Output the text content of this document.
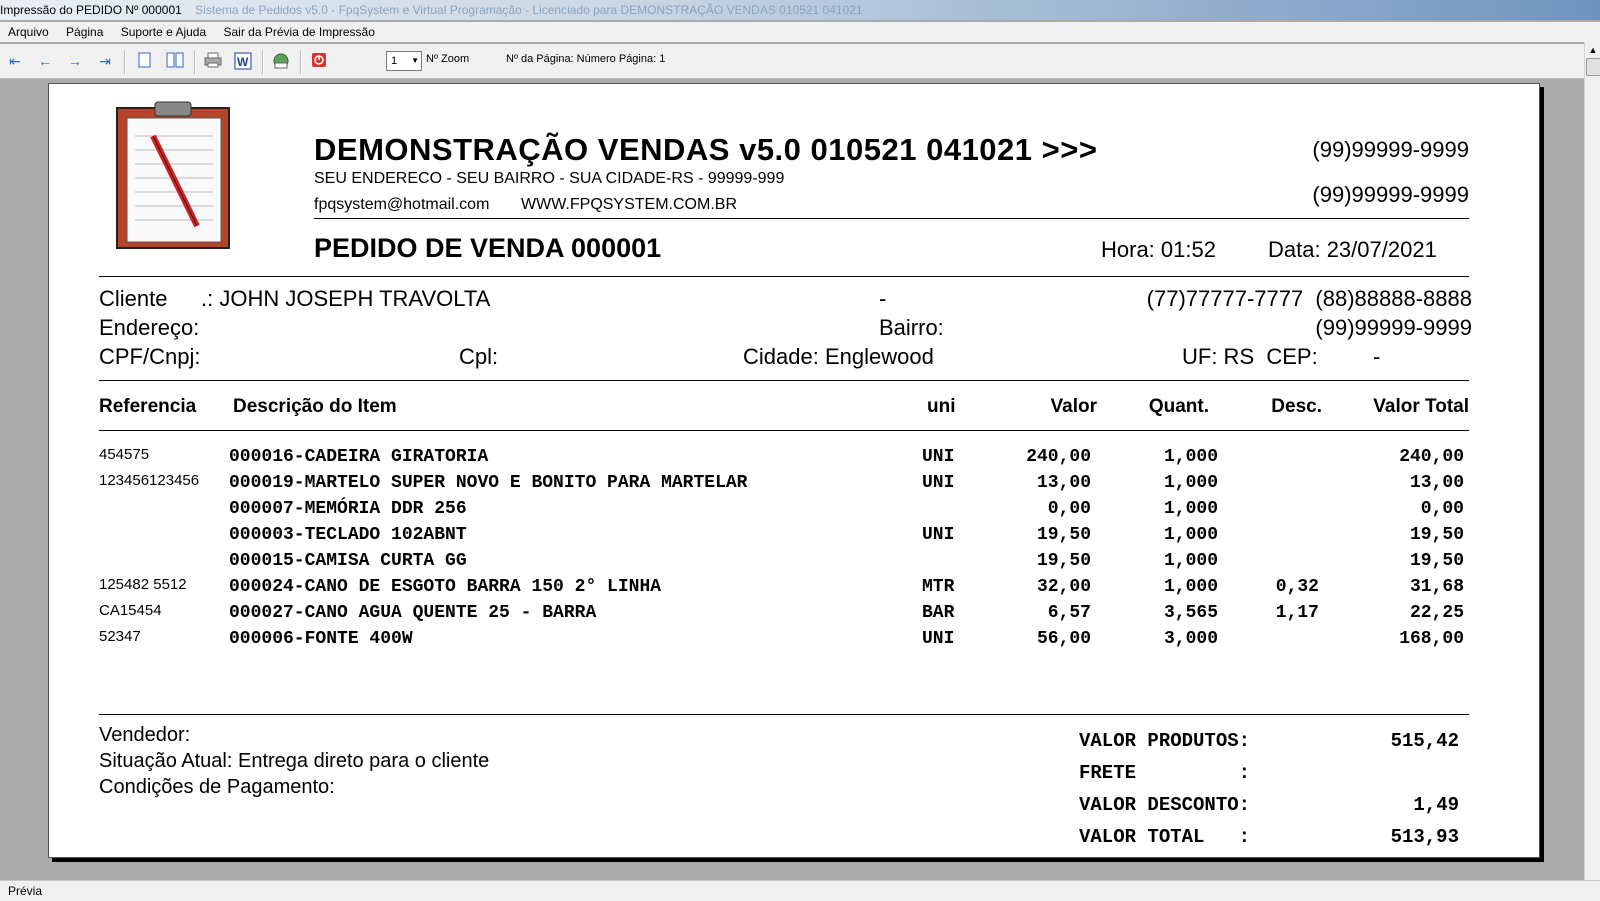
Impressão do PEDIDO Nº 000001 Sistema de Pedidos v5.0 - FpqSystem e Virtual Programação - Licenciado para DEMONSTRAÇÃO VENDAS 010521 041021
Arquivo Página Suporte e Ajuda Sair da Prévia de Impressão
⇤ ← → ⇥	W	1 ▼ Nº Zoom	Nº da Página: Número Página: 1
▲
DEMONSTRAÇÃO VENDAS v5.0 010521 041021 >>>
SEU ENDERECO - SEU BAIRRO - SUA CIDADE-RS - 99999-999
fpqsystem@hotmail.com WWW.FPQSYSTEM.COM.BR
(99)99999-9999
(99)99999-9999
PEDIDO DE VENDA 000001	Hora: 01:52 Data: 23/07/2021
Cliente .: JOHN JOSEPH TRAVOLTA	-	(77)77777-7777  (88)88888-8888
Endereço:	Bairro:	(99)99999-9999
CPF/Cnpj:	Cpl:	Cidade: Englewood	UF: RS  CEP:	-
Referencia Descrição do Item	uni	Valor	Quant.	Desc.	Valor Total
454575	000016-CADEIRA GIRATORIA	UNI	240,00	1,000	240,00
123456123456	000019-MARTELO SUPER NOVO E BONITO PARA MARTELAR	UNI	13,00	1,000	13,00
000007-MEMÓRIA DDR 256	0,00	1,000	0,00
000003-TECLADO 102ABNT	UNI	19,50	1,000	19,50
000015-CAMISA CURTA GG	19,50	1,000	19,50
125482 5512	000024-CANO DE ESGOTO BARRA 150 2° LINHA	MTR	32,00	1,000	0,32	31,68
CA15454	000027-CANO AGUA QUENTE 25 - BARRA	BAR	6,57	3,565	1,17	22,25
52347	000006-FONTE 400W	UNI	56,00	3,000	168,00
Vendedor:
Situação Atual: Entrega direto para o cliente
Condições de Pagamento:
VALOR PRODUTOS:	515,42
FRETE         :
VALOR DESCONTO:	1,49
VALOR TOTAL   :	513,93
Prévia
